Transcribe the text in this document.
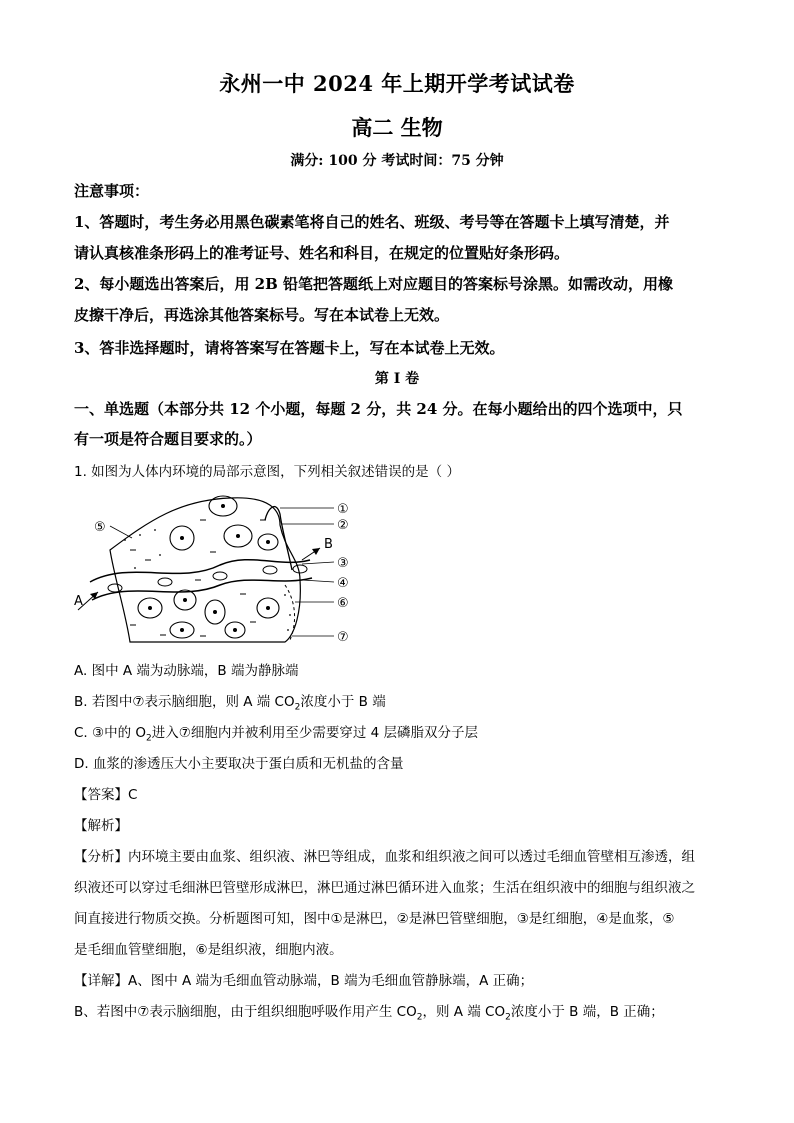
永州一中 2024 年上期开学考试试卷
高二 生物
满分: 100 分 考试时间：75 分钟
注意事项：
1、答题时，考生务必用黑色碳素笔将自己的姓名、班级、考号等在答题卡上填写清楚，并
请认真核准条形码上的准考证号、姓名和科目，在规定的位置贴好条形码。
2、每小题选出答案后，用 2B 铅笔把答题纸上对应题目的答案标号涂黑。如需改动，用橡
皮擦干净后，再选涂其他答案标号。写在本试卷上无效。
3、答非选择题时，请将答案写在答题卡上，写在本试卷上无效。
第 I 卷
一、单选题（本部分共 12 个小题，每题 2 分，共 24 分。在每小题给出的四个选项中，只
有一项是符合题目要求的。）
1. 如图为人体内环境的局部示意图，下列相关叙述错误的是（ ）
①
②
③
④
⑤
⑥
⑦
A
B
A. 图中 A 端为动脉端，B 端为静脉端
B. 若图中⑦表示脑细胞，则 A 端 $CO_2$浓度小于 B 端
C. ③中的 $O_2$进入⑦细胞内并被利用至少需要穿过 4 层磷脂双分子层
D. 血浆的渗透压大小主要取决于蛋白质和无机盐的含量
【答案】C
【解析】
【分析】内环境主要由血浆、组织液、淋巴等组成，血浆和组织液之间可以透过毛细血管壁相互渗透，组
织液还可以穿过毛细淋巴管壁形成淋巴，淋巴通过淋巴循环进入血浆；生活在组织液中的细胞与组织液之
间直接进行物质交换。分析题图可知，图中①是淋巴，②是淋巴管壁细胞，③是红细胞，④是血浆，⑤
是毛细血管壁细胞，⑥是组织液，细胞内液。
【详解】A、图中 A 端为毛细血管动脉端，B 端为毛细血管静脉端，A 正确；
B、若图中⑦表示脑细胞，由于组织细胞呼吸作用产生 $CO_2$，则 A 端 $CO_2$浓度小于 B 端，B 正确；
